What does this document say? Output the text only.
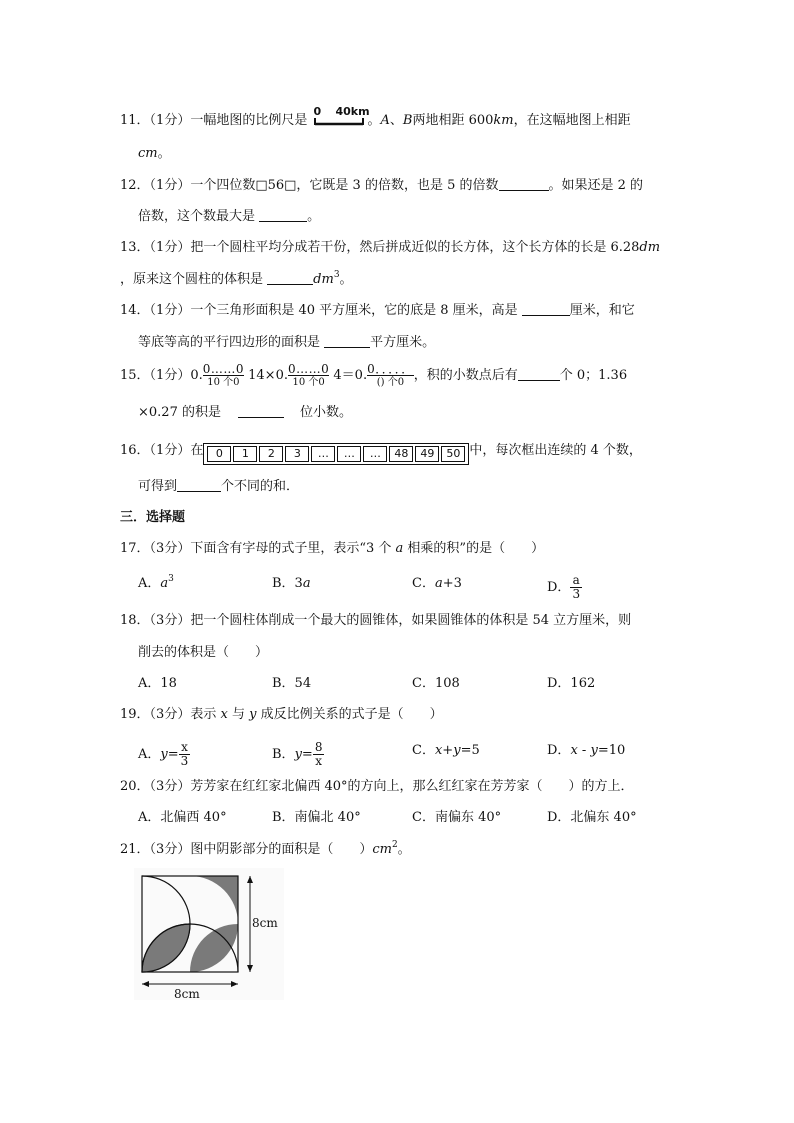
11．（1分）一幅地图的比例尺是
0 40km
。A、B两地相距 600km，在这幅地图上相距
cm。
12．（1分）一个四位数□56□，它既是 3 的倍数，也是 5 的倍数	。如果还是 2 的
倍数，这个数最大是	。
13．（1分）把一个圆柱平均分成若干份，然后拼成近似的长方体，这个长方体的长是 6.28dm
，原来这个圆柱的体积是	$dm^3$。
14．（1分）一个三角形面积是 40 平方厘米，它的底是 8 厘米，高是	厘米，和它
等底等高的平行四边形的面积是	平方厘米。
15．（1分）0. 0……0
10 个0 14×0. 0……0
10 个0 4＝0. 0．．．．．
() 个0 ，积的小数点后有	个 0；1.36
×0.27 的积是	位小数。
16．（1分）在 0 1 2 3 … … … 48 49 50 中，每次框出连续的 4 个数，
可得到	个不同的和．
三．选择题
17．（3分）下面含有字母的式子里，表示“3 个 a 相乘的积”的是（　　）
A．$a^3$	B．3a	C．a+3	D． $\frac{a}{3}$
18．（3分）把一个圆柱体削成一个最大的圆锥体，如果圆锥体的体积是 54 立方厘米，则
削去的体积是（　　）
A．18	B．54	C．108	D．162
19．（3分）表示 x 与 y 成反比例关系的式子是（　　）
A．$y= \frac{x}{3}$	B．$y= \frac{8}{x}$	C．x+y=5	D．x - y=10
20．（3分）芳芳家在红红家北偏西 40°的方向上，那么红红家在芳芳家（　　）的方上．
A．北偏西 40°	B．南偏北 40°	C．南偏东 40°	D．北偏东 40°
21．（3分）图中阴影部分的面积是（　　）$cm^2$。
8cm
8cm
